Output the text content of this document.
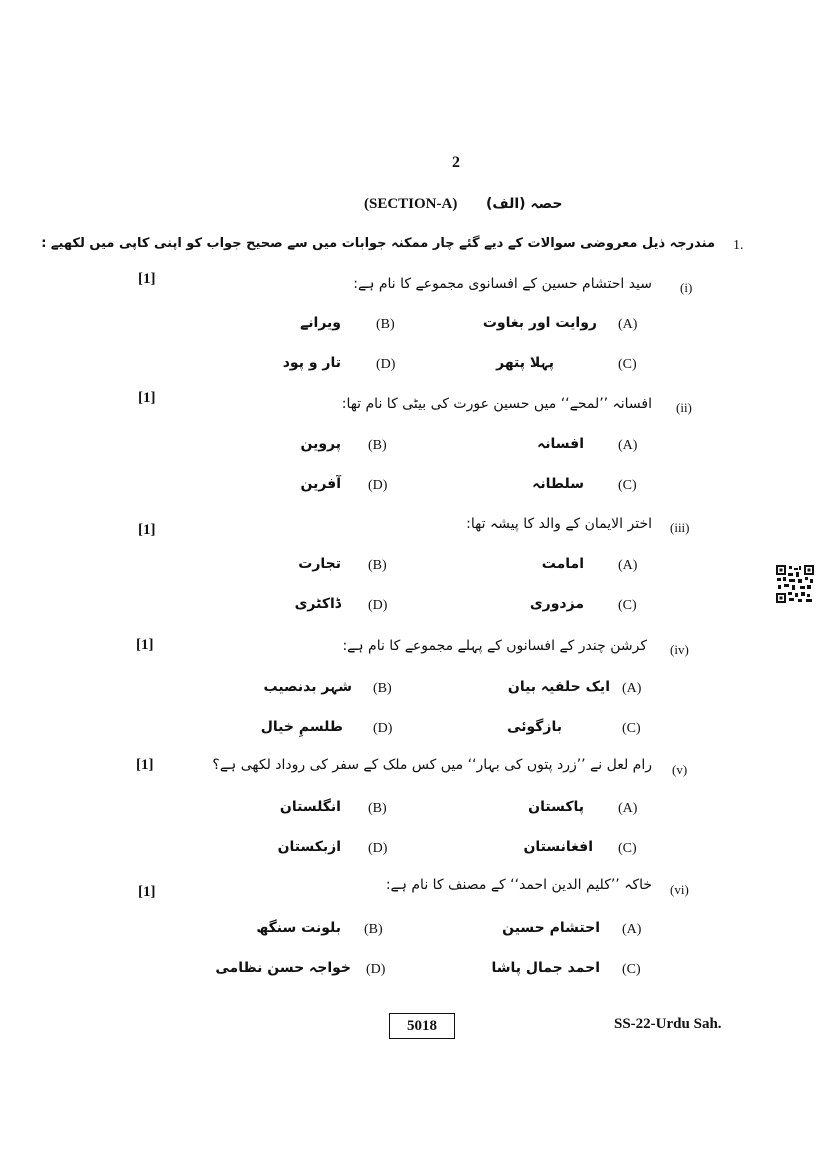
2
(SECTION-A) حصہ (الف)
1.
مندرجہ ذیل معروضی سوالات کے دیے گئے چار ممکنہ جوابات میں سے صحیح جواب کو اپنی کاپی میں لکھیے :
[1]
(i)
سید احتشام حسین کے افسانوی مجموعے کا نام ہے:
(A)
روایت اور بغاوت
(B)
ویرانے
(C)
پہلا پتھر
(D)
تار و پود
[1]
(ii)
افسانہ ’’لمحے‘‘ میں حسین عورت کی بیٹی کا نام تھا:
(A)
افسانہ
(B)
پروین
(C)
سلطانہ
(D)
آفرین
[1]	(iii)
اختر الایمان کے والد کا پیشہ تھا:
(A)
امامت
(B)
تجارت
(C)
مزدوری
(D)
ڈاکٹری
[1]	(iv)
کرشن چندر کے افسانوں کے پہلے مجموعے کا نام ہے:
(A)
ایک حلفیہ بیان
(B)
شہر بدنصیب
(C)
بازگوئی
(D)
طلسمِ خیال
[1]	(v)
رام لعل نے ’’زرد پتوں کی بہار‘‘ میں کس ملک کے سفر کی روداد لکھی ہے؟
(A)
پاکستان
(B)
انگلستان
(C)
افغانستان
(D)
ازبکستان
[1]	(vi)
خاکہ ’’کلیم الدین احمد‘‘ کے مصنف کا نام ہے:
(A)
احتشام حسین
(B)
بلونت سنگھ
(C)
احمد جمال پاشا
(D)
خواجہ حسن نظامی
5018	SS-22-Urdu Sah.
